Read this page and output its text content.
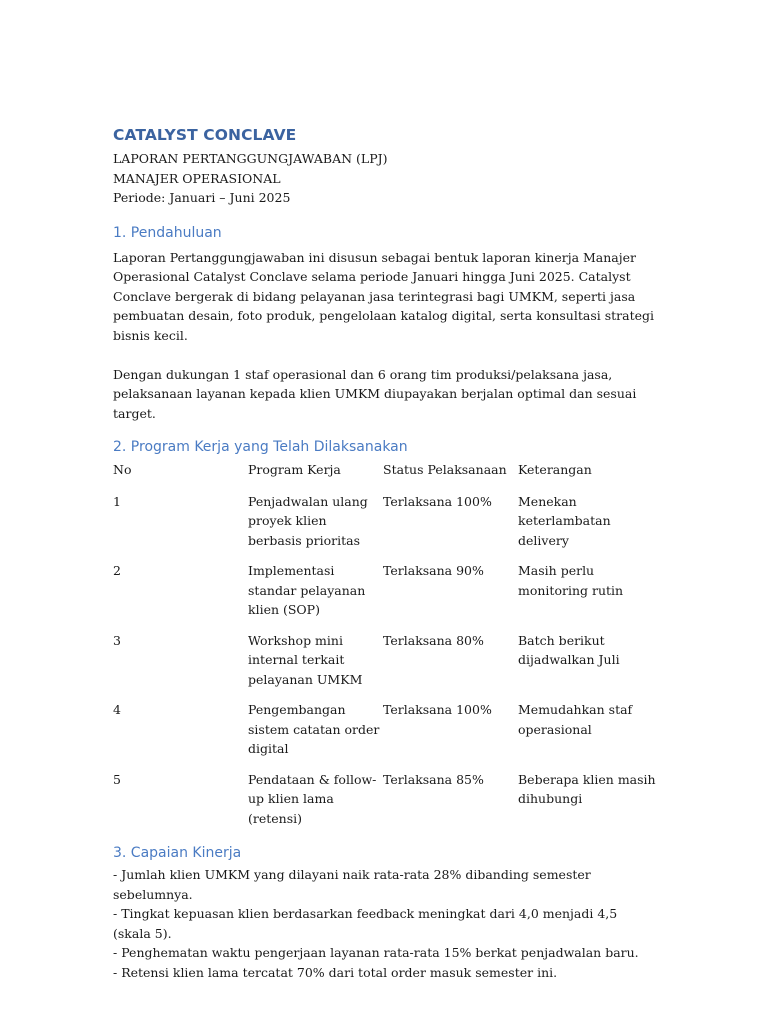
CATALYST CONCLAVE
LAPORAN PERTANGGUNGJAWABAN (LPJ)
MANAJER OPERASIONAL
Periode: Januari – Juni 2025
1. Pendahuluan

Laporan Pertanggungjawaban ini disusun sebagai bentuk laporan kinerja Manajer Operasional Catalyst Conclave selama periode Januari hingga Juni 2025. Catalyst Conclave bergerak di bidang pelayanan jasa terintegrasi bagi UMKM, seperti jasa pembuatan desain, foto produk, pengelolaan katalog digital, serta konsultasi strategi bisnis kecil.

Dengan dukungan 1 staf operasional dan 6 orang tim produksi/pelaksana jasa, pelaksanaan layanan kepada klien UMKM diupayakan berjalan optimal dan sesuai target.

2. Program Kerja yang Telah Dilaksanakan
No	Program Kerja	Status Pelaksanaan	Keterangan
1	Penjadwalan ulang proyek klien berbasis prioritas	Terlaksana 100%	Menekan keterlambatan delivery
2	Implementasi standar pelayanan klien (SOP)	Terlaksana 90%	Masih perlu monitoring rutin
3	Workshop mini internal terkait pelayanan UMKM	Terlaksana 80%	Batch berikut dijadwalkan Juli
4	Pengembangan sistem catatan order digital	Terlaksana 100%	Memudahkan staf operasional
5	Pendataan & follow-up klien lama (retensi)	Terlaksana 85%	Beberapa klien masih dihubungi
3. Capaian Kinerja
- Jumlah klien UMKM yang dilayani naik rata-rata 28% dibanding semester sebelumnya.
- Tingkat kepuasan klien berdasarkan feedback meningkat dari 4,0 menjadi 4,5 (skala 5).
- Penghematan waktu pengerjaan layanan rata-rata 15% berkat penjadwalan baru.
- Retensi klien lama tercatat 70% dari total order masuk semester ini.
